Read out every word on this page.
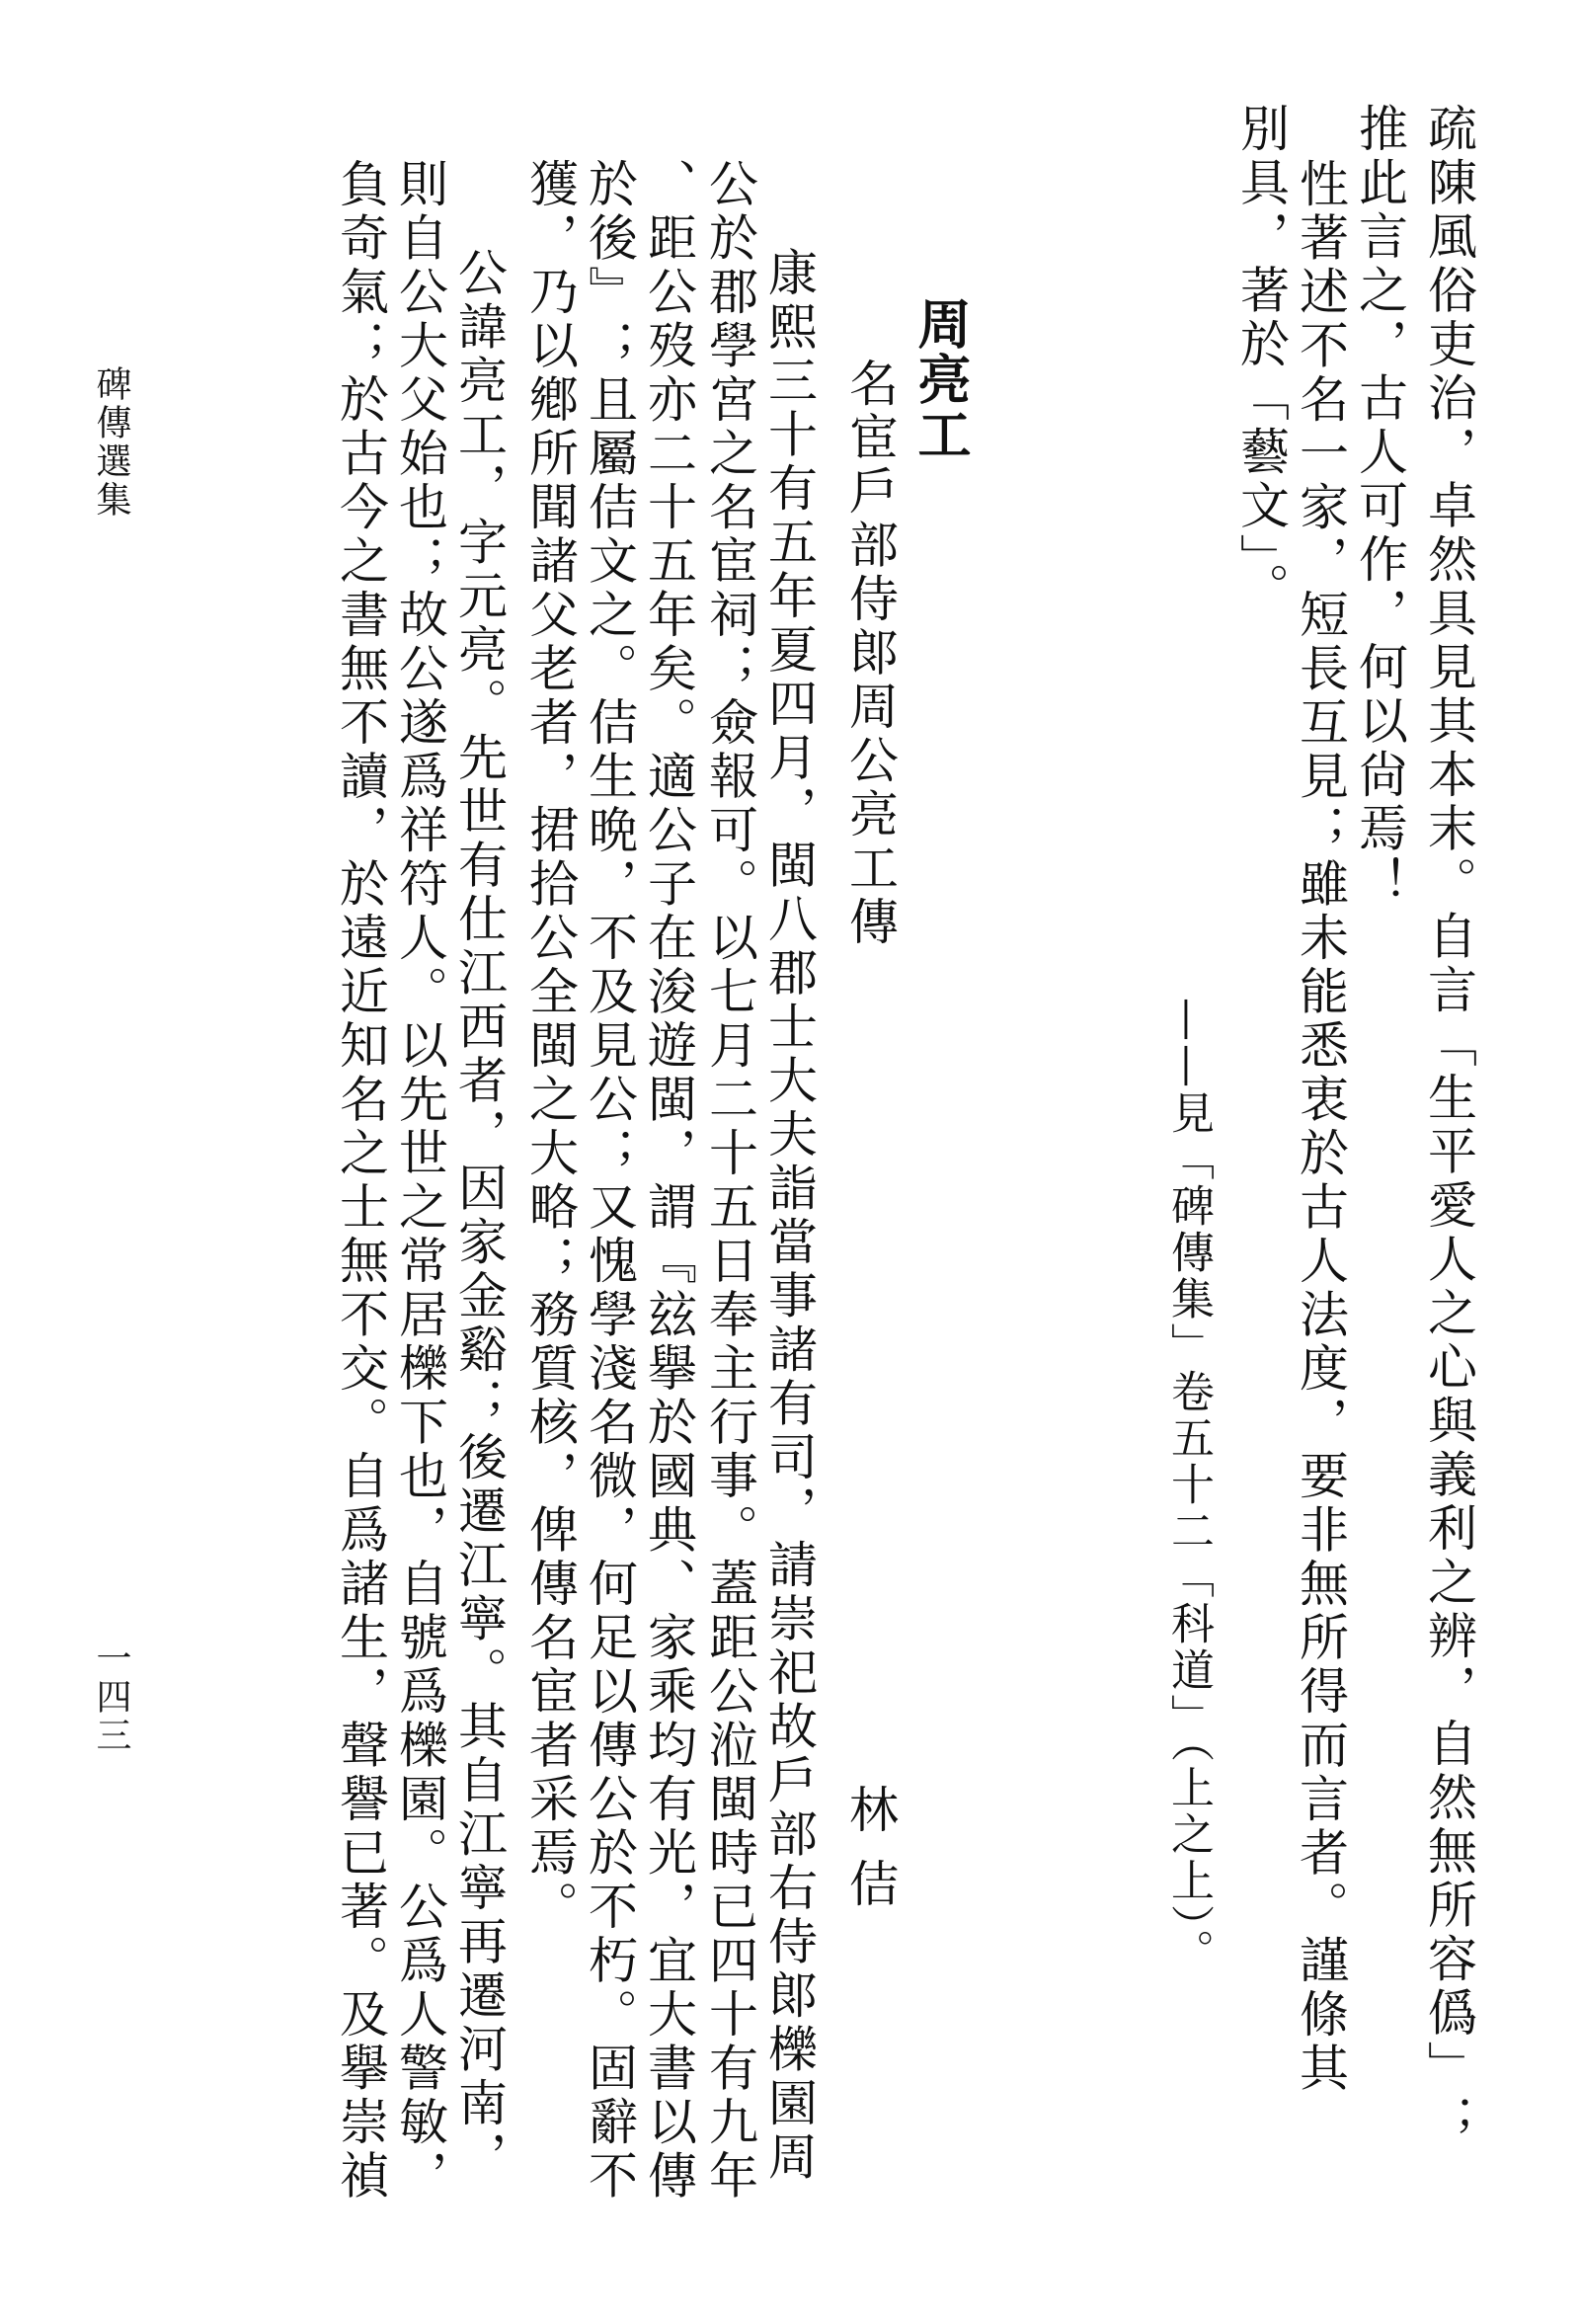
疏陳風俗吏治，卓然具見其本末。自言「生平愛人之心與義利之辨，自然無所容僞」；
推此言之，古人可作，何以尙焉！
性著述不名一家，短長互見；雖未能悉衷於古人法度，要非無所得而言者。謹條其
別具，著於「藝文」。
——見「碑傳集」卷五十二「科道」（上之上）。
周亮工
名宦戶部侍郞周公亮工傳
林 佶
康熙三十有五年夏四月，閩八郡士大夫詣當事諸有司，請崇祀故戶部右侍郞櫟園周
公於郡學宮之名宦祠；僉報可。以七月二十五日奉主行事。蓋距公涖閩時已四十有九年
、距公歿亦二十五年矣。適公子在浚遊閩，謂『玆擧於國典、家乘均有光，宜大書以傳
於後』；且屬佶文之。佶生晩，不及見公；又愧學淺名微，何足以傳公於不朽。固辭不
獲，乃以鄕所聞諸父老者，捃拾公全閩之大略；務質核，俾傳名宦者采焉。
公諱亮工，字元亮。先世有仕江西者，因家金谿；後遷江寧。其自江寧再遷河南，
則自公大父始也；故公遂爲祥符人。以先世之常居櫟下也，自號爲櫟園。公爲人警敏，
負奇氣；於古今之書無不讀，於遠近知名之士無不交。自爲諸生，聲譽已著。及擧崇禎
碑傳選集
一四三
